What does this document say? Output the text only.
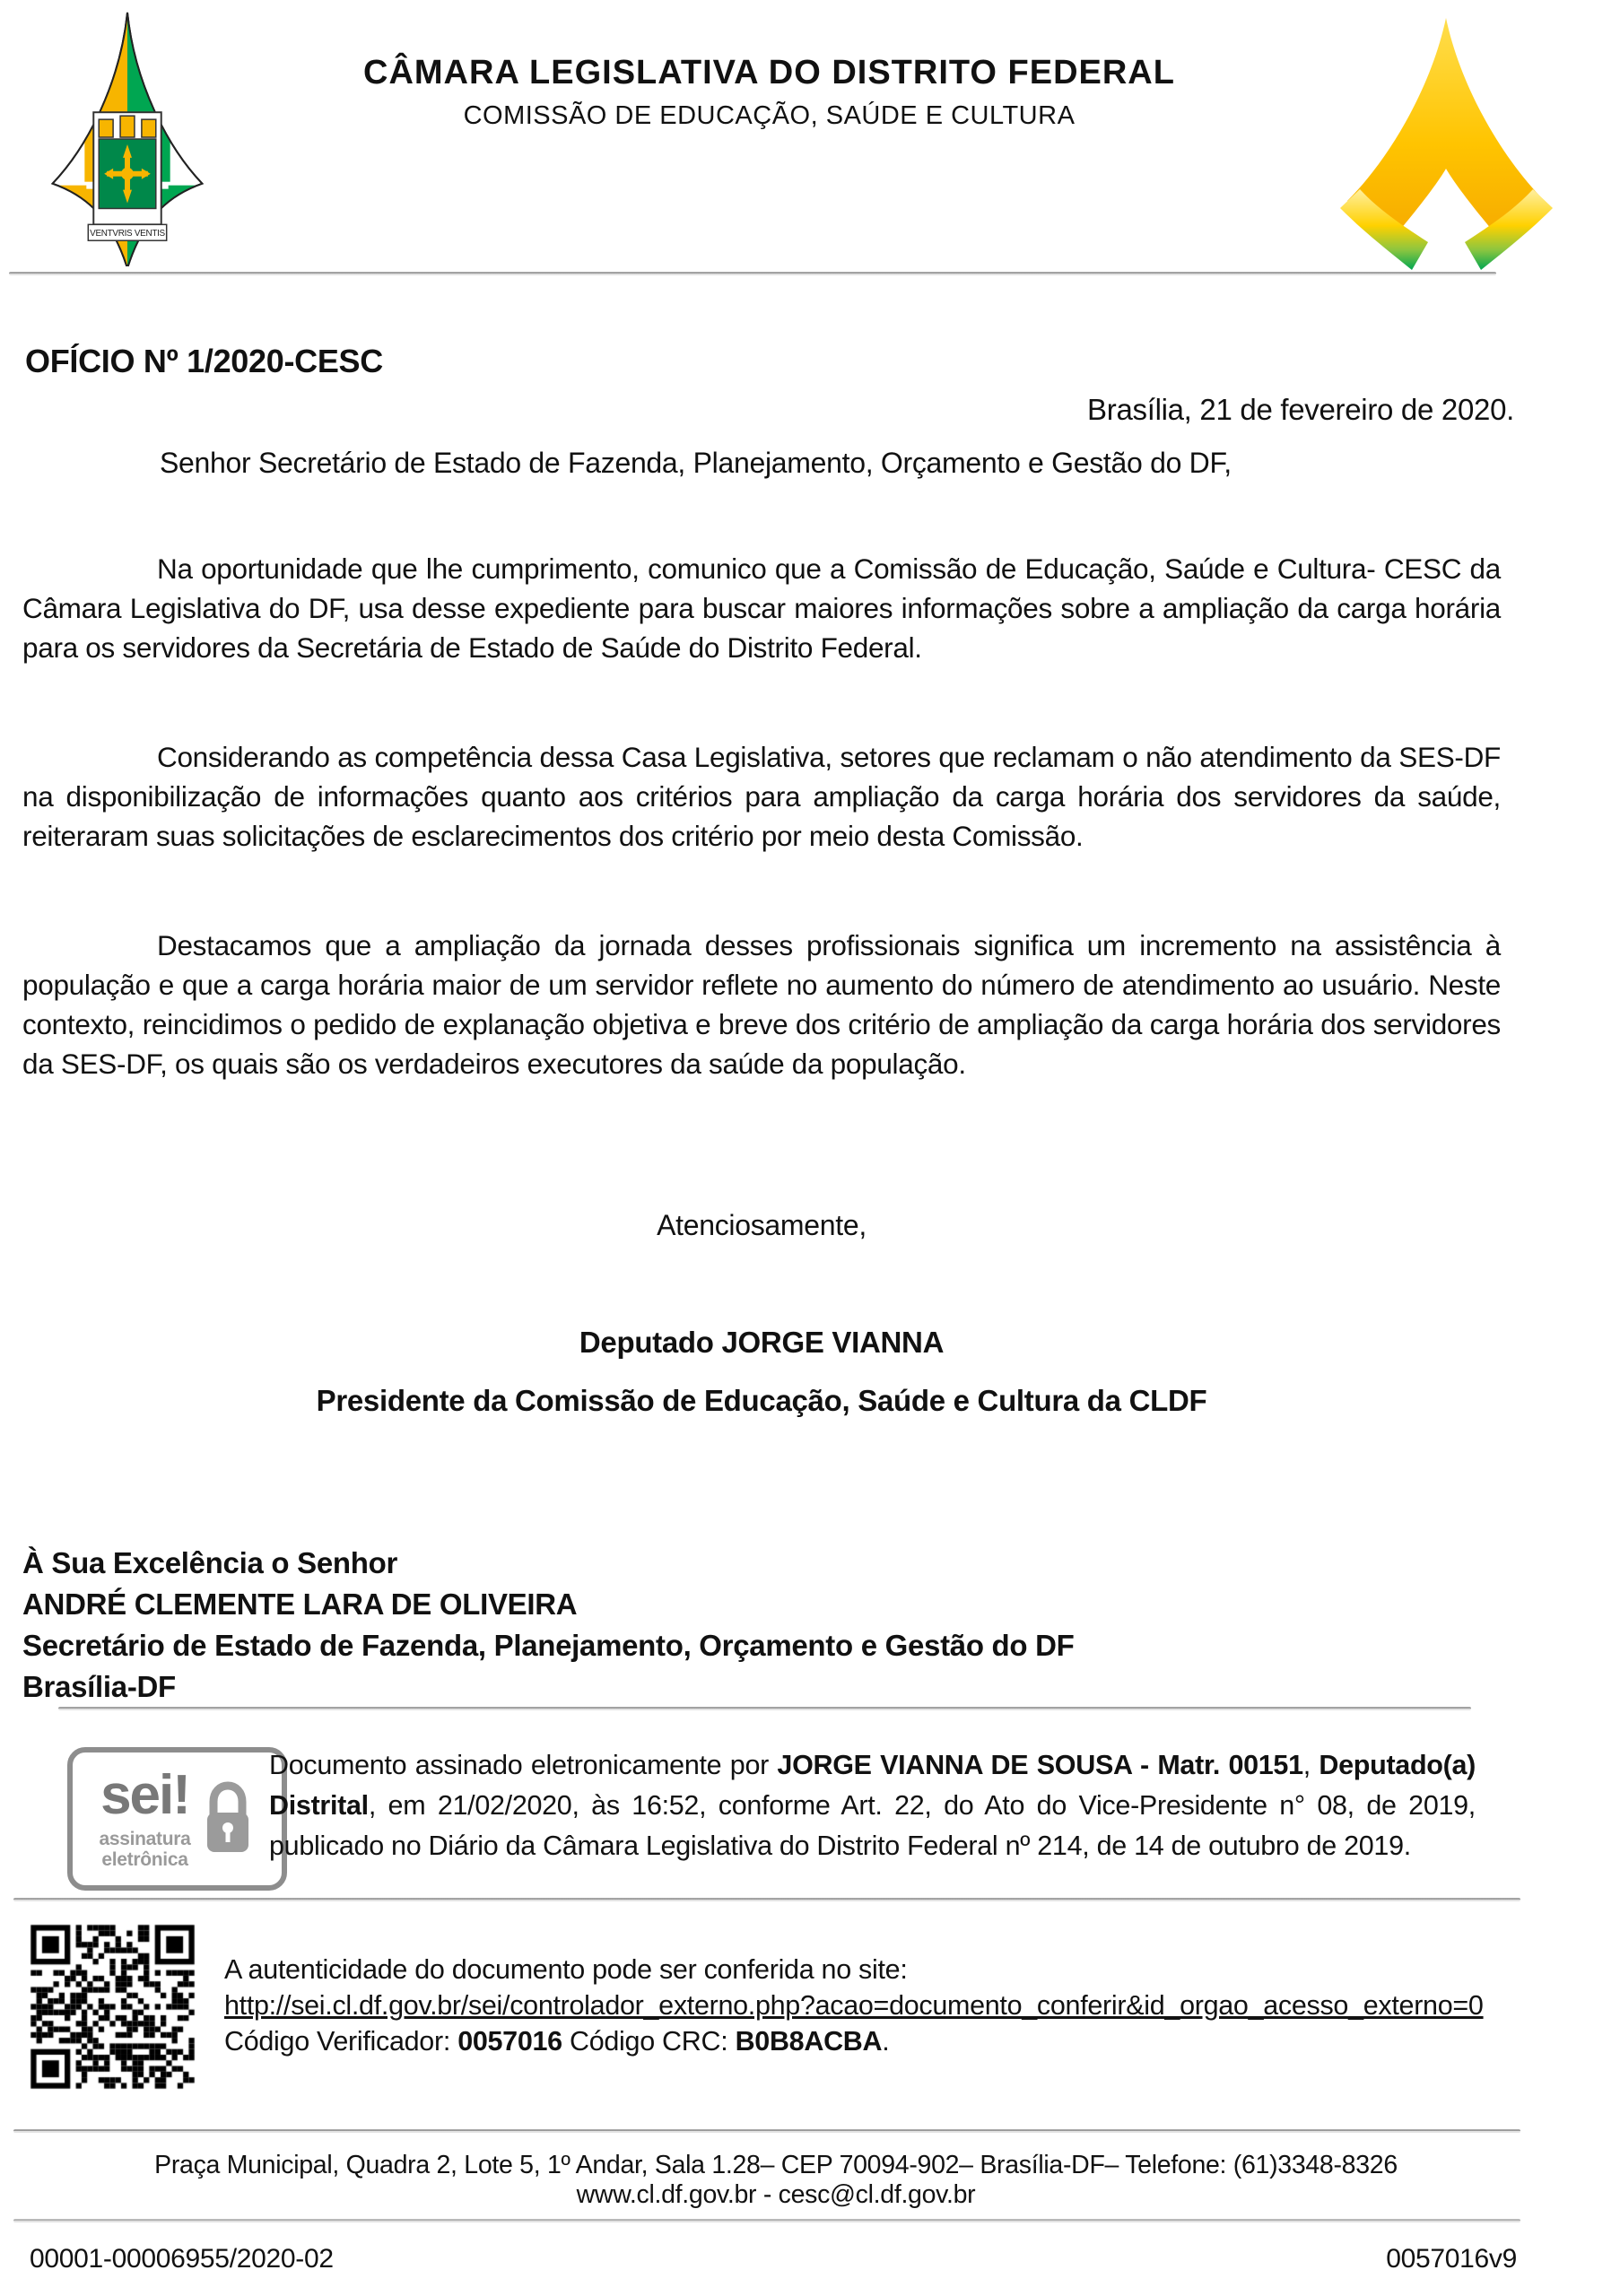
VENTVRIS VENTIS
CÂMARA LEGISLATIVA DO DISTRITO FEDERAL
COMISSÃO DE EDUCAÇÃO, SAÚDE E CULTURA
OFÍCIO Nº 1/2020-CESC
Brasília, 21 de fevereiro de 2020.
Senhor Secretário de Estado de Fazenda, Planejamento, Orçamento e Gestão do DF,
Na oportunidade que lhe cumprimento, comunico que a Comissão de Educação, Saúde e Cultura- CESC da Câmara Legislativa do DF, usa desse expediente para buscar maiores informações sobre a ampliação da carga horária para os servidores da Secretária de Estado de Saúde do Distrito Federal.
Considerando as competência dessa Casa Legislativa, setores que reclamam o não atendimento da SES-DF na disponibilização de informações quanto aos critérios para ampliação da carga horária dos servidores da saúde, reiteraram suas solicitações de esclarecimentos dos critério por meio desta Comissão.
Destacamos que a ampliação da jornada desses profissionais significa um incremento na assistência à população e que a carga horária maior de um servidor reflete no aumento do número de atendimento ao usuário. Neste contexto, reincidimos o pedido de explanação objetiva e breve dos critério de ampliação da carga horária dos servidores da SES-DF, os quais são os verdadeiros executores da saúde da população.
Atenciosamente,
Deputado JORGE VIANNA
Presidente da Comissão de Educação, Saúde e Cultura da CLDF
À Sua Excelência o Senhor
ANDRÉ CLEMENTE LARA DE OLIVEIRA
Secretário de Estado de Fazenda, Planejamento, Orçamento e Gestão do DF
Brasília-DF
sei!
assinatura
eletrônica
Documento assinado eletronicamente por JORGE VIANNA DE SOUSA - Matr. 00151, Deputado(a) Distrital, em 21/02/2020, às 16:52, conforme Art. 22, do Ato do Vice-Presidente n° 08, de 2019, publicado no Diário da Câmara Legislativa do Distrito Federal nº 214, de 14 de outubro de 2019.
A autenticidade do documento pode ser conferida no site:
http://sei.cl.df.gov.br/sei/controlador_externo.php?acao=documento_conferir&id_orgao_acesso_externo=0
Código Verificador: 0057016 Código CRC: B0B8ACBA.
Praça Municipal, Quadra 2, Lote 5, 1º Andar, Sala 1.28– CEP 70094-902– Brasília-DF– Telefone: (61)3348-8326
www.cl.df.gov.br - cesc@cl.df.gov.br
00001-00006955/2020-02	0057016v9
